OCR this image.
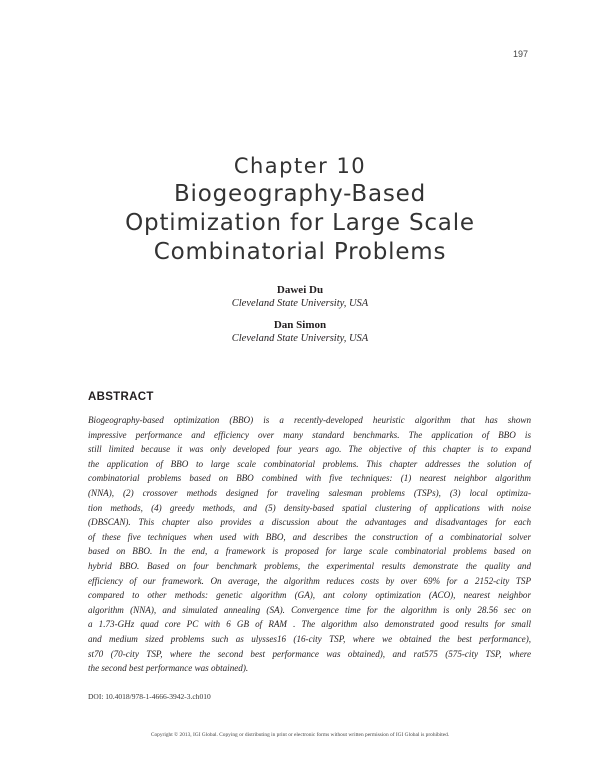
197
Chapter 10
Biogeography-Based
Optimization for Large Scale
Combinatorial Problems
Dawei Du
Cleveland State University, USA
Dan Simon
Cleveland State University, USA
ABSTRACT
Biogeography-based optimization (BBO) is a recently-developed heuristic algorithm that has shown
impressive performance and efficiency over many standard benchmarks. The application of BBO is
still limited because it was only developed four years ago. The objective of this chapter is to expand
the application of BBO to large scale combinatorial problems. This chapter addresses the solution of
combinatorial problems based on BBO combined with five techniques: (1) nearest neighbor algorithm
(NNA), (2) crossover methods designed for traveling salesman problems (TSPs), (3) local optimiza-
tion methods, (4) greedy methods, and (5) density-based spatial clustering of applications with noise
(DBSCAN). This chapter also provides a discussion about the advantages and disadvantages for each
of these five techniques when used with BBO, and describes the construction of a combinatorial solver
based on BBO. In the end, a framework is proposed for large scale combinatorial problems based on
hybrid BBO. Based on four benchmark problems, the experimental results demonstrate the quality and
efficiency of our framework. On average, the algorithm reduces costs by over 69% for a 2152-city TSP
compared to other methods: genetic algorithm (GA), ant colony optimization (ACO), nearest neighbor
algorithm (NNA), and simulated annealing (SA). Convergence time for the algorithm is only 28.56 sec on
a 1.73-GHz quad core PC with 6 GB of RAM . The algorithm also demonstrated good results for small
and medium sized problems such as ulysses16 (16-city TSP, where we obtained the best performance),
st70 (70-city TSP, where the second best performance was obtained), and rat575 (575-city TSP, where
the second best performance was obtained).
DOI: 10.4018/978-1-4666-3942-3.ch010
Copyright © 2013, IGI Global. Copying or distributing in print or electronic forms without written permission of IGI Global is prohibited.
